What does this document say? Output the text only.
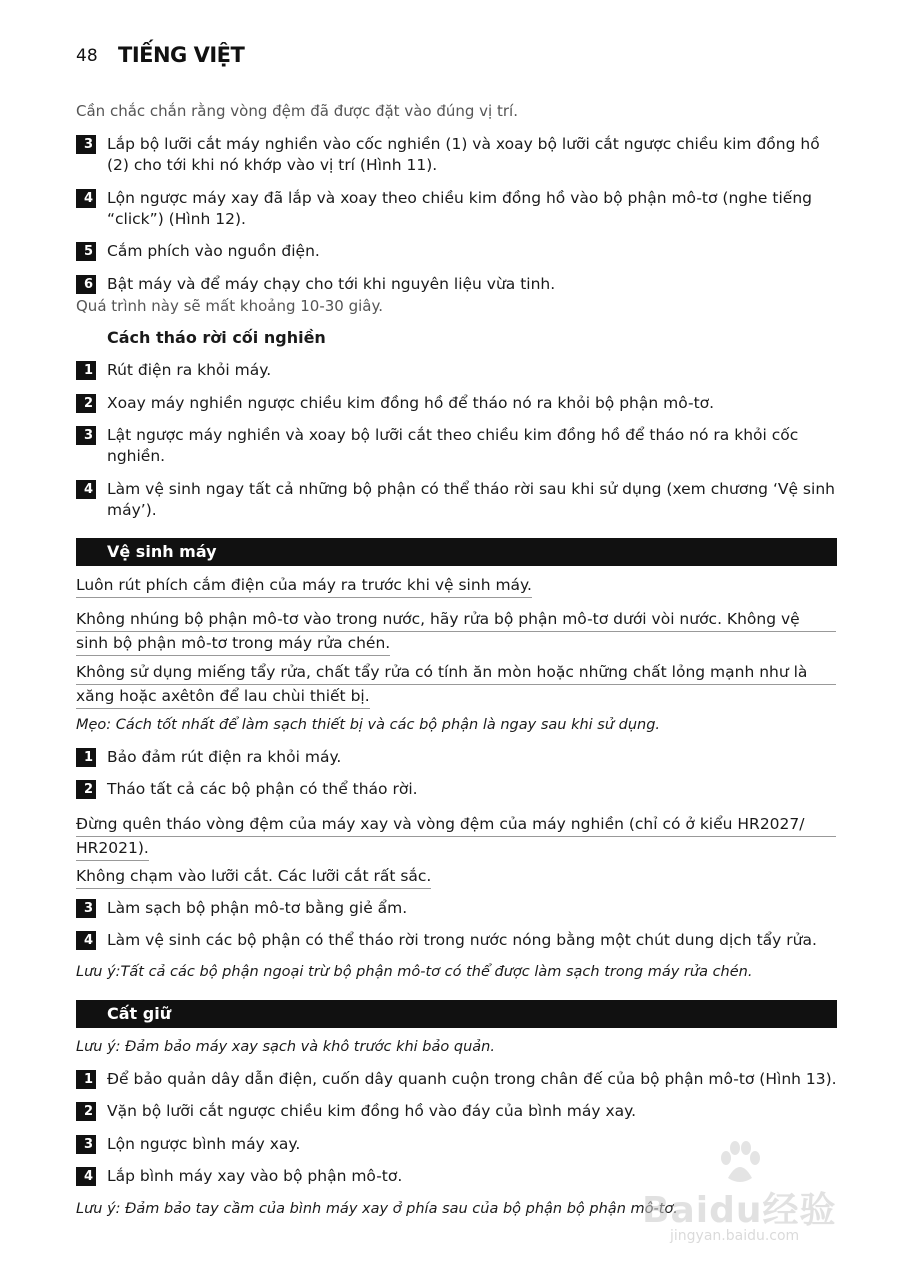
48 TIẾNG VIỆT
Cần chắc chắn rằng vòng đệm đã được đặt vào đúng vị trí.
3 Lắp bộ lưỡi cắt máy nghiền vào cốc nghiền (1) và xoay bộ lưỡi cắt ngược chiều kim đồng hồ (2) cho tới khi nó khớp vào vị trí (Hình 11).
4 Lộn ngược máy xay đã lắp và xoay theo chiều kim đồng hồ vào bộ phận mô-tơ (nghe tiếng “click”) (Hình 12).
5 Cắm phích vào nguồn điện.
6 Bật máy và để máy chạy cho tới khi nguyên liệu vừa tinh.
Quá trình này sẽ mất khoảng 10-30 giây.
Cách tháo rời cối nghiền
1 Rút điện ra khỏi máy.
2 Xoay máy nghiền ngược chiều kim đồng hồ để tháo nó ra khỏi bộ phận mô-tơ.
3 Lật ngược máy nghiền và xoay bộ lưỡi cắt theo chiều kim đồng hồ để tháo nó ra khỏi cốc nghiền.
4 Làm vệ sinh ngay tất cả những bộ phận có thể tháo rời sau khi sử dụng (xem chương ‘Vệ sinh máy’).
Vệ sinh máy
Luôn rút phích cắm điện của máy ra trước khi vệ sinh máy.
Không nhúng bộ phận mô-tơ vào trong nước, hãy rửa bộ phận mô-tơ dưới vòi nước. Không vệ
sinh bộ phận mô-tơ trong máy rửa chén.
Không sử dụng miếng tẩy rửa, chất tẩy rửa có tính ăn mòn hoặc những chất lỏng mạnh như là
xăng hoặc axêtôn để lau chùi thiết bị.
Mẹo: Cách tốt nhất để làm sạch thiết bị và các bộ phận là ngay sau khi sử dụng.
1 Bảo đảm rút điện ra khỏi máy.
2 Tháo tất cả các bộ phận có thể tháo rời.
Đừng quên tháo vòng đệm của máy xay và vòng đệm của máy nghiền (chỉ có ở kiểu HR2027/
HR2021).
Không chạm vào lưỡi cắt. Các lưỡi cắt rất sắc.
3 Làm sạch bộ phận mô-tơ bằng giẻ ẩm.
4 Làm vệ sinh các bộ phận có thể tháo rời trong nước nóng bằng một chút dung dịch tẩy rửa.
Lưu ý:Tất cả các bộ phận ngoại trừ bộ phận mô-tơ có thể được làm sạch trong máy rửa chén.
Cất giữ
Lưu ý: Đảm bảo máy xay sạch và khô trước khi bảo quản.
1 Để bảo quản dây dẫn điện, cuốn dây quanh cuộn trong chân đế của bộ phận mô-tơ (Hình 13).
2 Vặn bộ lưỡi cắt ngược chiều kim đồng hồ vào đáy của bình máy xay.
3 Lộn ngược bình máy xay.
4 Lắp bình máy xay vào bộ phận mô-tơ.
Lưu ý: Đảm bảo tay cầm của bình máy xay ở phía sau của bộ phận bộ phận mô-tơ.
Baidu经验
jingyan.baidu.com
